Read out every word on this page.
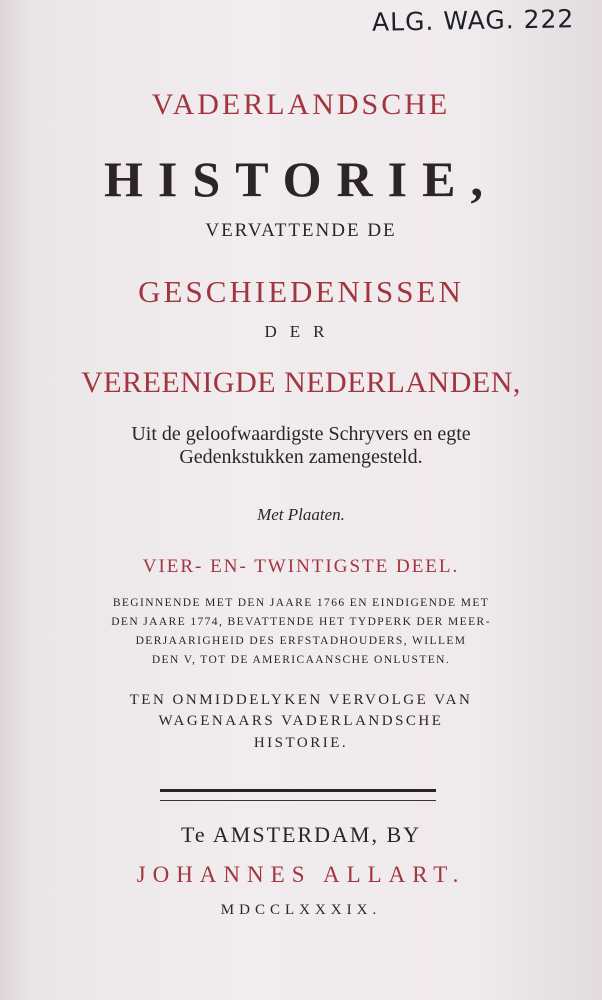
ALG. WAG. 222
VADERLANDSCHE
HISTORIE,
VERVATTENDE DE
GESCHIEDENISSEN
DER
VEREENIGDE NEDERLANDEN,
Uit de geloofwaardigste Schryvers en egte
Gedenkstukken zamengesteld.
Met Plaaten.
VIER- EN- TWINTIGSTE DEEL.
BEGINNENDE MET DEN JAARE 1766 EN EINDIGENDE MET
DEN JAARE 1774, BEVATTENDE HET TYDPERK DER MEER-
DERJAARIGHEID DES ERFSTADHOUDERS, WILLEM
DEN V, TOT DE AMERICAANSCHE ONLUSTEN.
TEN ONMIDDELYKEN VERVOLGE VAN
WAGENAARS VADERLANDSCHE
HISTORIE.
Te AMSTERDAM, BY
JOHANNES ALLART.
MDCCLXXXIX.
